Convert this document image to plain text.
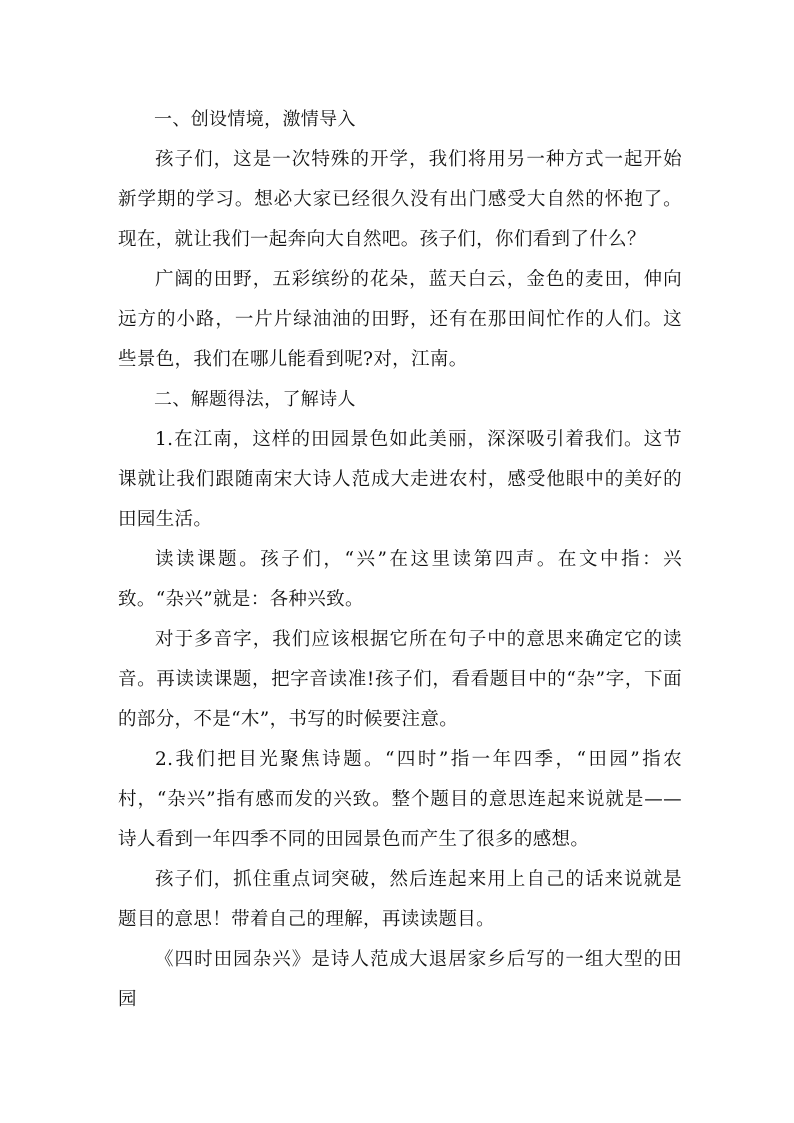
一、创设情境，激情导入

孩子们，这是一次特殊的开学，我们将用另一种方式一起开始新学期的学习。想必大家已经很久没有出门感受大自然的怀抱了。现在，就让我们一起奔向大自然吧。孩子们，你们看到了什么？

广阔的田野，五彩缤纷的花朵，蓝天白云，金色的麦田，伸向远方的小路，一片片绿油油的田野，还有在那田间忙作的人们。这些景色，我们在哪儿能看到呢?对，江南。

二、解题得法，了解诗人

1.在江南，这样的田园景色如此美丽，深深吸引着我们。这节课就让我们跟随南宋大诗人范成大走进农村，感受他眼中的美好的田园生活。

读读课题。孩子们，“兴”在这里读第四声。在文中指：兴致。“杂兴”就是：各种兴致。

对于多音字，我们应该根据它所在句子中的意思来确定它的读音。再读读课题，把字音读准!孩子们，看看题目中的“杂”字，下面的部分，不是“木”，书写的时候要注意。

2.我们把目光聚焦诗题。“四时”指一年四季，“田园”指农村，“杂兴”指有感而发的兴致。整个题目的意思连起来说就是——诗人看到一年四季不同的田园景色而产生了很多的感想。

孩子们，抓住重点词突破，然后连起来用上自己的话来说就是题目的意思！带着自己的理解，再读读题目。

《四时田园杂兴》是诗人范成大退居家乡后写的一组大型的田园
